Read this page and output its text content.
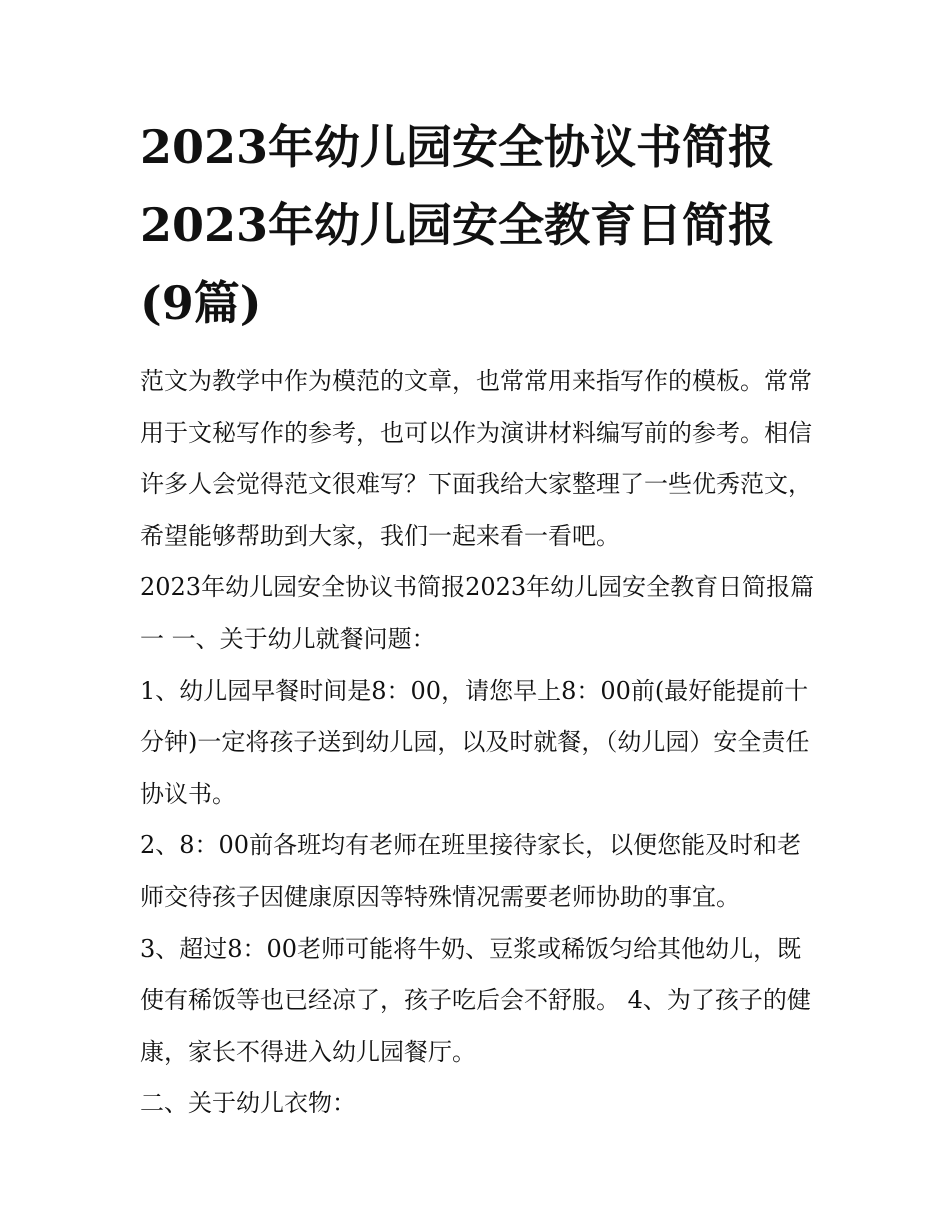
2023年幼儿园安全协议书简报
2023年幼儿园安全教育日简报
(9篇)

范文为教学中作为模范的文章，也常常用来指写作的模板。常常用于文秘写作的参考，也可以作为演讲材料编写前的参考。相信许多人会觉得范文很难写？下面我给大家整理了一些优秀范文，希望能够帮助到大家，我们一起来看一看吧。

2023年幼儿园安全协议书简报2023年幼儿园安全教育日简报篇一 一、关于幼儿就餐问题：

1、幼儿园早餐时间是8：00，请您早上8：00前(最好能提前十分钟)一定将孩子送到幼儿园，以及时就餐，（幼儿园）安全责任协议书。

2、8：00前各班均有老师在班里接待家长，以便您能及时和老师交待孩子因健康原因等特殊情况需要老师协助的事宜。

3、超过8：00老师可能将牛奶、豆浆或稀饭匀给其他幼儿，既使有稀饭等也已经凉了，孩子吃后会不舒服。 4、为了孩子的健康，家长不得进入幼儿园餐厅。

二、关于幼儿衣物：
